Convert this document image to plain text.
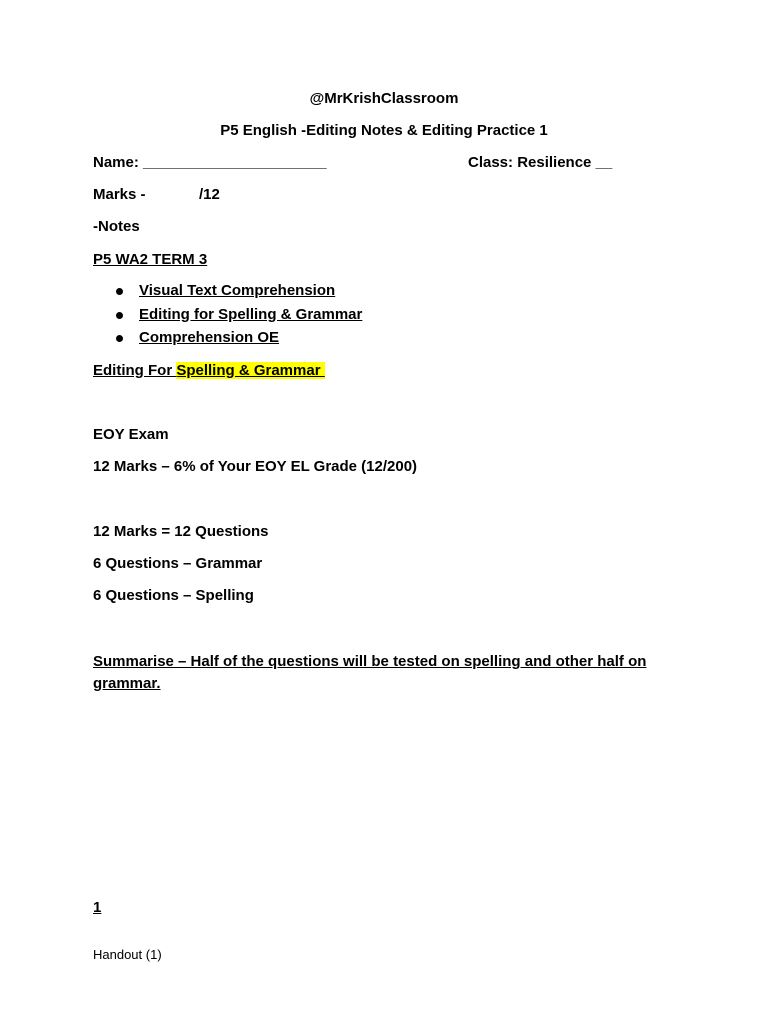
@MrKrishClassroom
P5 English -Editing Notes & Editing Practice 1
Name: ______________________	Class: Resilience __
Marks -	/12
-Notes
P5 WA2 TERM 3
Visual Text Comprehension
Editing for Spelling & Grammar
Comprehension OE
Editing For Spelling & Grammar
EOY Exam
12 Marks – 6% of Your EOY EL Grade (12/200)
12 Marks = 12 Questions
6 Questions – Grammar
6 Questions – Spelling
Summarise – Half of the questions will be tested on spelling and other half on grammar.
1
Handout (1)
